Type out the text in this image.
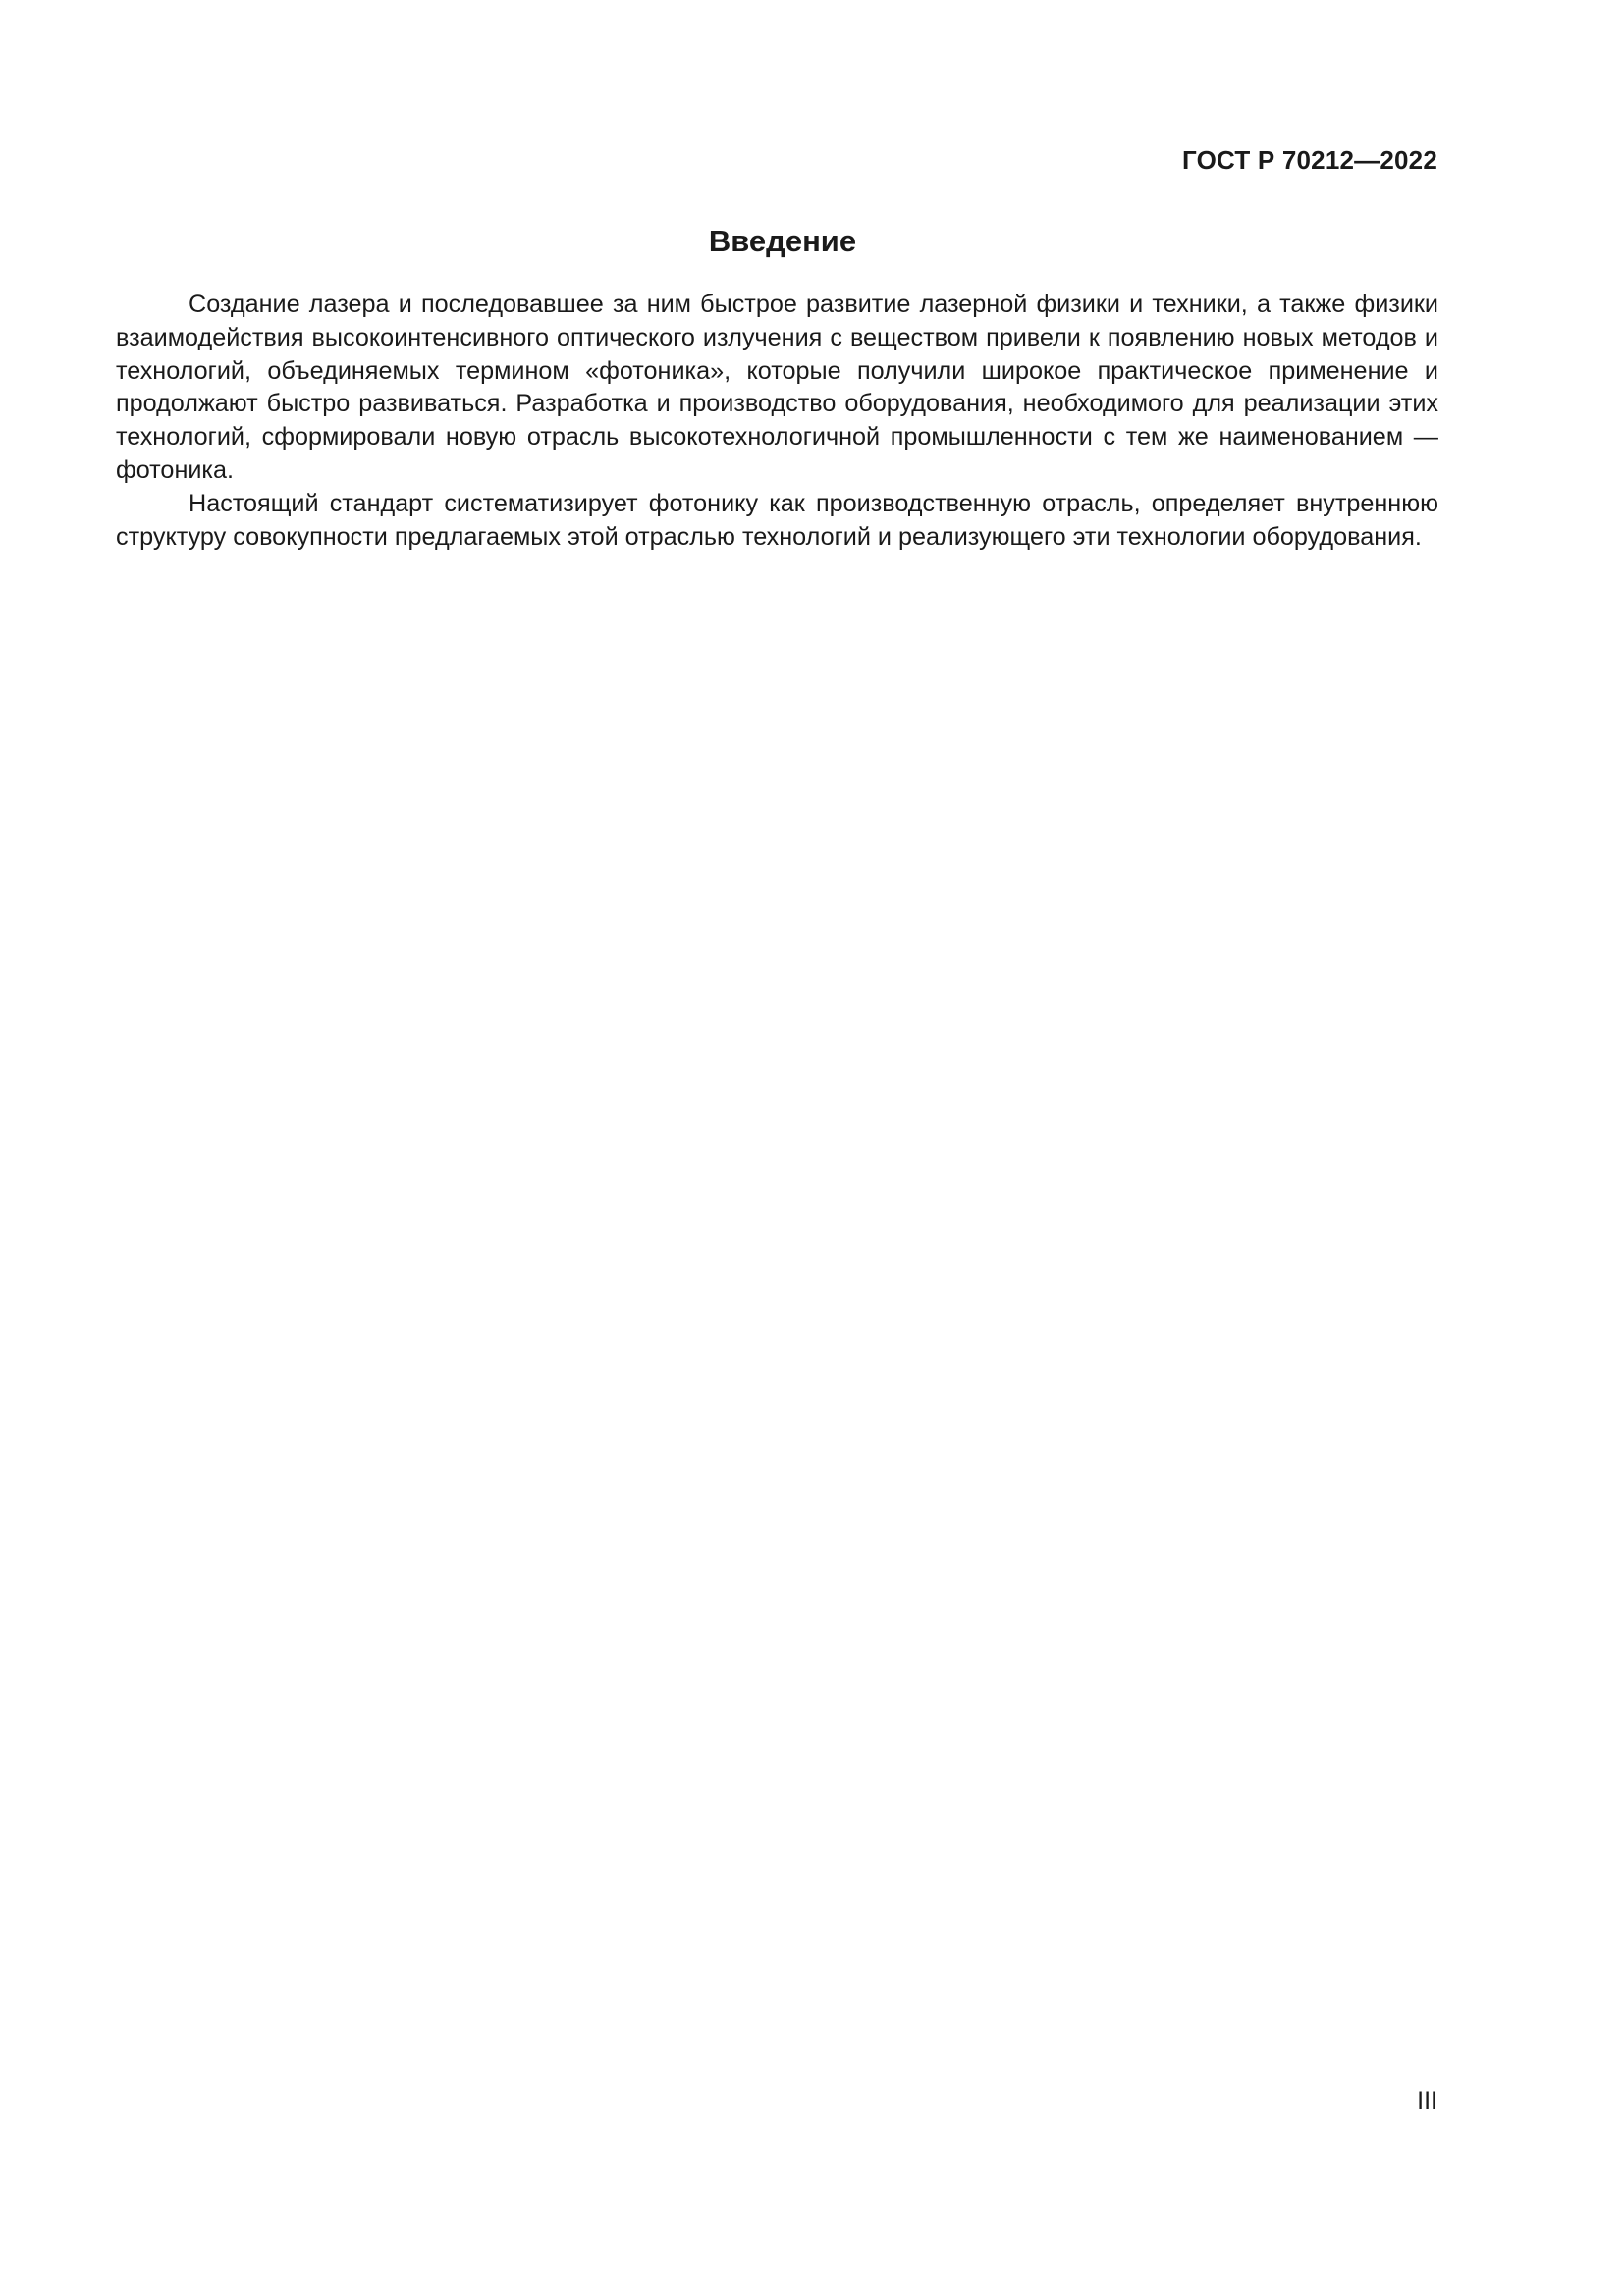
ГОСТ Р 70212—2022
Введение

Создание лазера и последовавшее за ним быстрое развитие лазерной физики и техники, а также физики взаимодействия высокоинтенсивного оптического излучения с веществом привели к появлению новых методов и технологий, объединяемых термином «фотоника», которые получили широкое практическое применение и продолжают быстро развиваться. Разработка и производство оборудования, необходимого для реализации этих технологий, сформировали новую отрасль высокотехнологичной промышленности с тем же наименованием — фотоника.

Настоящий стандарт систематизирует фотонику как производственную отрасль, определяет внутреннюю структуру совокупности предлагаемых этой отраслью технологий и реализующего эти технологии оборудования.

III
